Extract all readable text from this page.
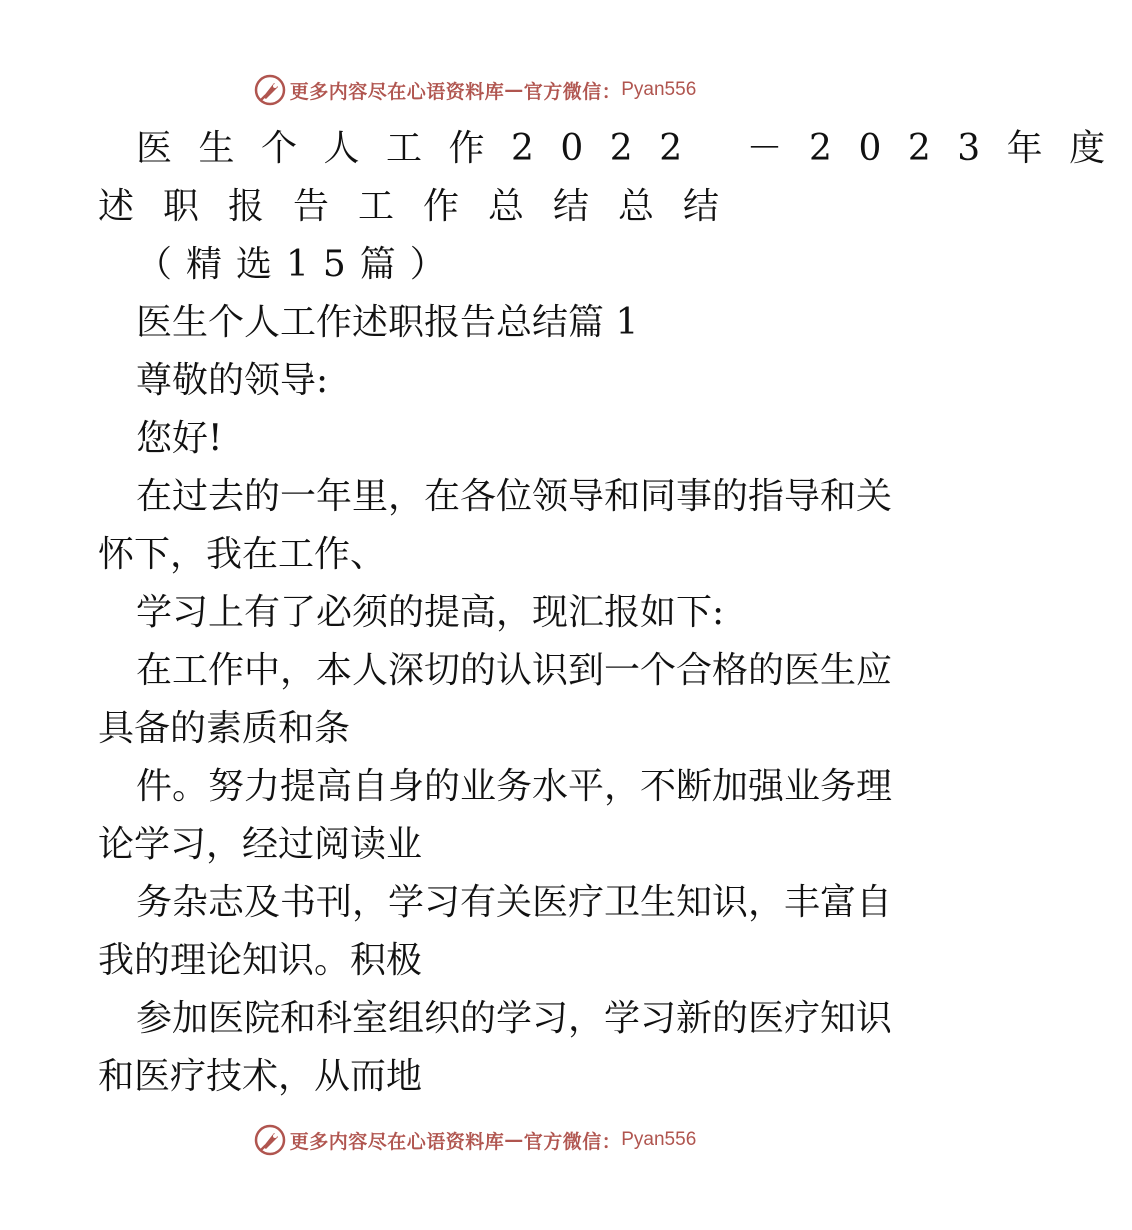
更多内容尽在心语资料库 — 官方微信： Pyan556
医生个人工作2022 －2023年度
述职报告工作总结总结
（精选15篇）
医生个人工作述职报告总结篇 1
尊敬的领导:
您好!
在过去的一年里，在各位领导和同事的指导和关
怀下，我在工作、
学习上有了必须的提高，现汇报如下:
在工作中，本人深切的认识到一个合格的医生应
具备的素质和条
件。努力提高自身的业务水平，不断加强业务理
论学习，经过阅读业
务杂志及书刊，学习有关医疗卫生知识，丰富自
我的理论知识。积极
参加医院和科室组织的学习，学习新的医疗知识
和医疗技术，从而地
更多内容尽在心语资料库 — 官方微信： Pyan556
